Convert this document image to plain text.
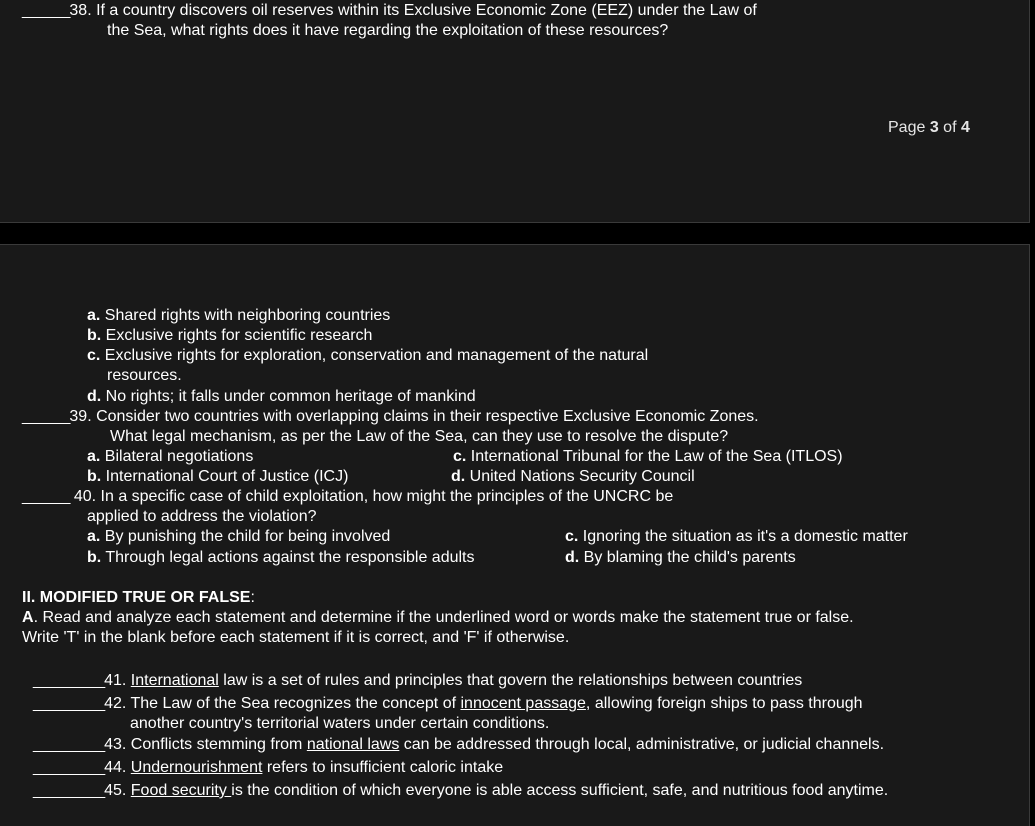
______38. If a country discovers oil reserves within its Exclusive Economic Zone (EEZ) under the Law of
the Sea, what rights does it have regarding the exploitation of these resources?
Page 3 of 4
a. Shared rights with neighboring countries
b. Exclusive rights for scientific research
c. Exclusive rights for exploration, conservation and management of the natural
resources.
d. No rights; it falls under common heritage of mankind
______39. Consider two countries with overlapping claims in their respective Exclusive Economic Zones.
What legal mechanism, as per the Law of the Sea, can they use to resolve the dispute?
a. Bilateral negotiations	c. International Tribunal for the Law of the Sea (ITLOS)
b. International Court of Justice (ICJ)	d. United Nations Security Council
______ 40. In a specific case of child exploitation, how might the principles of the UNCRC be
applied to address the violation?
a. By punishing the child for being involved	c. Ignoring the situation as it's a domestic matter
b. Through legal actions against the responsible adults	d. By blaming the child's parents
II. MODIFIED TRUE OR FALSE:
A. Read and analyze each statement and determine if the underlined word or words make the statement true or false.
Write 'T' in the blank before each statement if it is correct, and 'F' if otherwise.
_________41. International law is a set of rules and principles that govern the relationships between countries
_________42. The Law of the Sea recognizes the concept of innocent passage, allowing foreign ships to pass through
another country's territorial waters under certain conditions.
_________43. Conflicts stemming from national laws can be addressed through local, administrative, or judicial channels.
_________44. Undernourishment refers to insufficient caloric intake
_________45. Food security is the condition of which everyone is able access sufficient, safe, and nutritious food anytime.
